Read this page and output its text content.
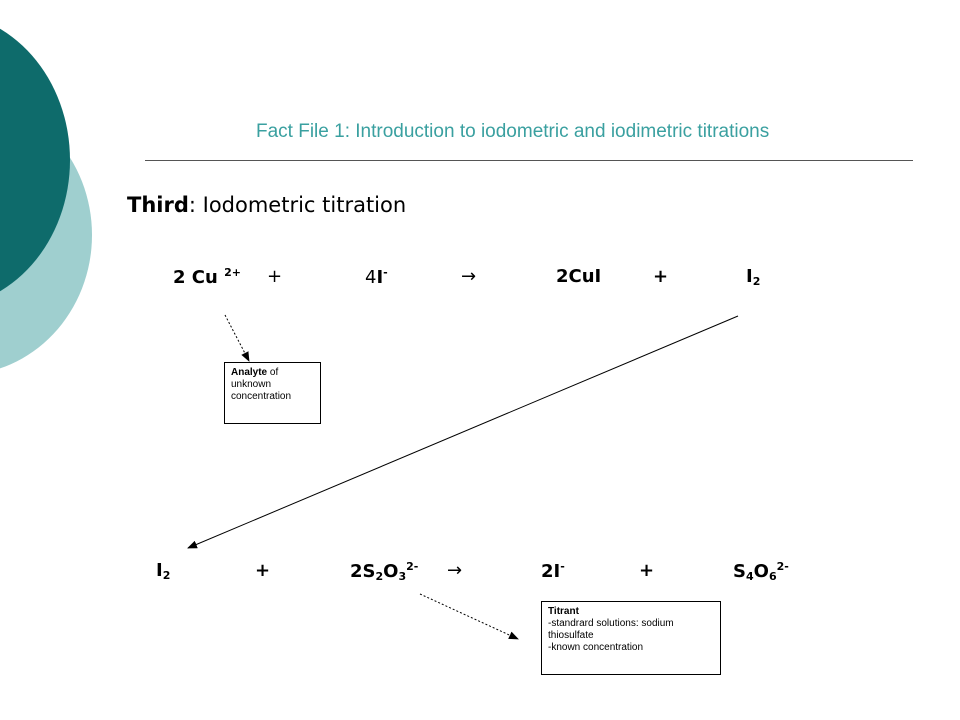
Fact File 1: Introduction to iodometric and iodimetric titrations
Third: Iodometric titration
2 Cu $^{2+}$ +	4I-	→	2CuI	+	$I_2$
$I_2$	+	$2S_2O_3^{2-}$ →	2I-	+	$S_4O_6^{2-}$
Analyte of unknown concentration
Titrant
-standrard solutions: sodium thiosulfate
-known concentration
